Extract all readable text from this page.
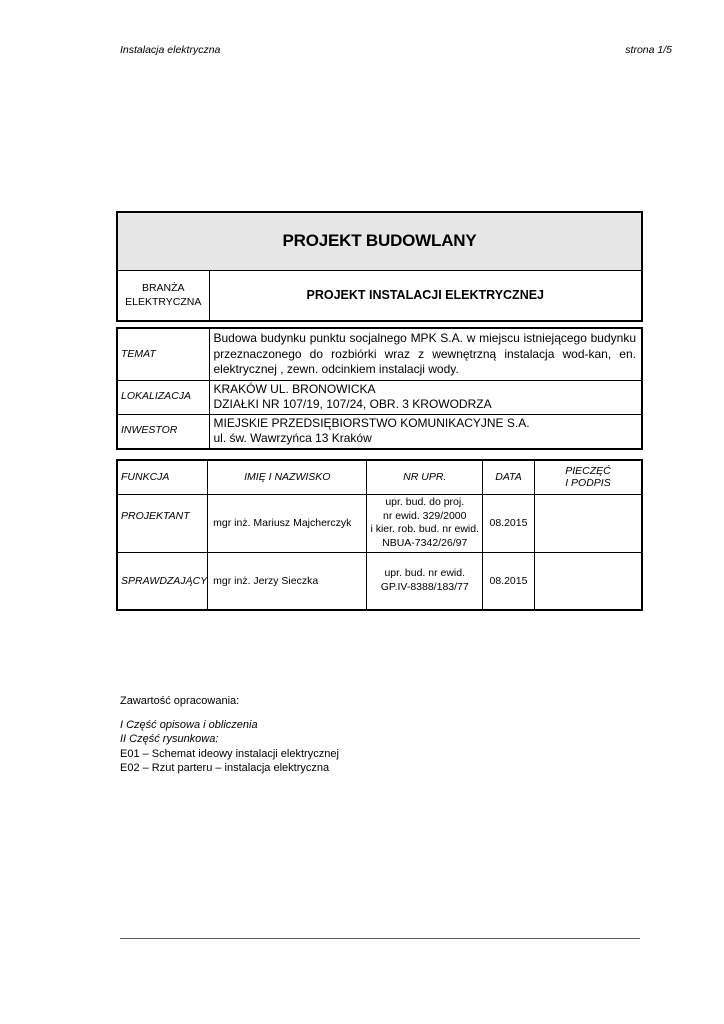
Instalacja elektryczna	strona 1/5
PROJEKT BUDOWLANY

BRANŻA
ELEKTRYCZNA	PROJEKT INSTALACJI ELEKTRYCZNEJ
TEMAT	Budowa budynku punktu socjalnego MPK S.A. w miejscu istniejącego budynku przeznaczonego do rozbiórki wraz z wewnętrzną instalacja wod-kan, en. elektrycznej , zewn. odcinkiem instalacji wody.
LOKALIZACJA	KRAKÓW UL. BRONOWICKA
DZIAŁKI NR 107/19, 107/24, OBR. 3 KROWODRZA

INWESTOR	MIEJSKIE PRZEDSIĘBIORSTWO KOMUNIKACYJNE S.A.
ul. św. Wawrzyńca 13 Kraków
FUNKCJA	IMIĘ I NAZWISKO	NR UPR.	DATA	PIECZĘĆ
I PODPIS

PROJEKTANT	mgr inż. Mariusz Majcherczyk	upr. bud. do proj.
nr ewid. 329/2000
i kier. rob. bud. nr ewid.
NBUA-7342/26/97	08.2015	
SPRAWDZAJĄCY	mgr inż. Jerzy Sieczka	upr. bud. nr ewid.
GP.IV-8388/183/77	08.2015	
Zawartość opracowania:
I Część opisowa i obliczenia
II Część rysunkowa:
E01 – Schemat ideowy instalacji elektrycznej
E02 – Rzut parteru – instalacja elektryczna
